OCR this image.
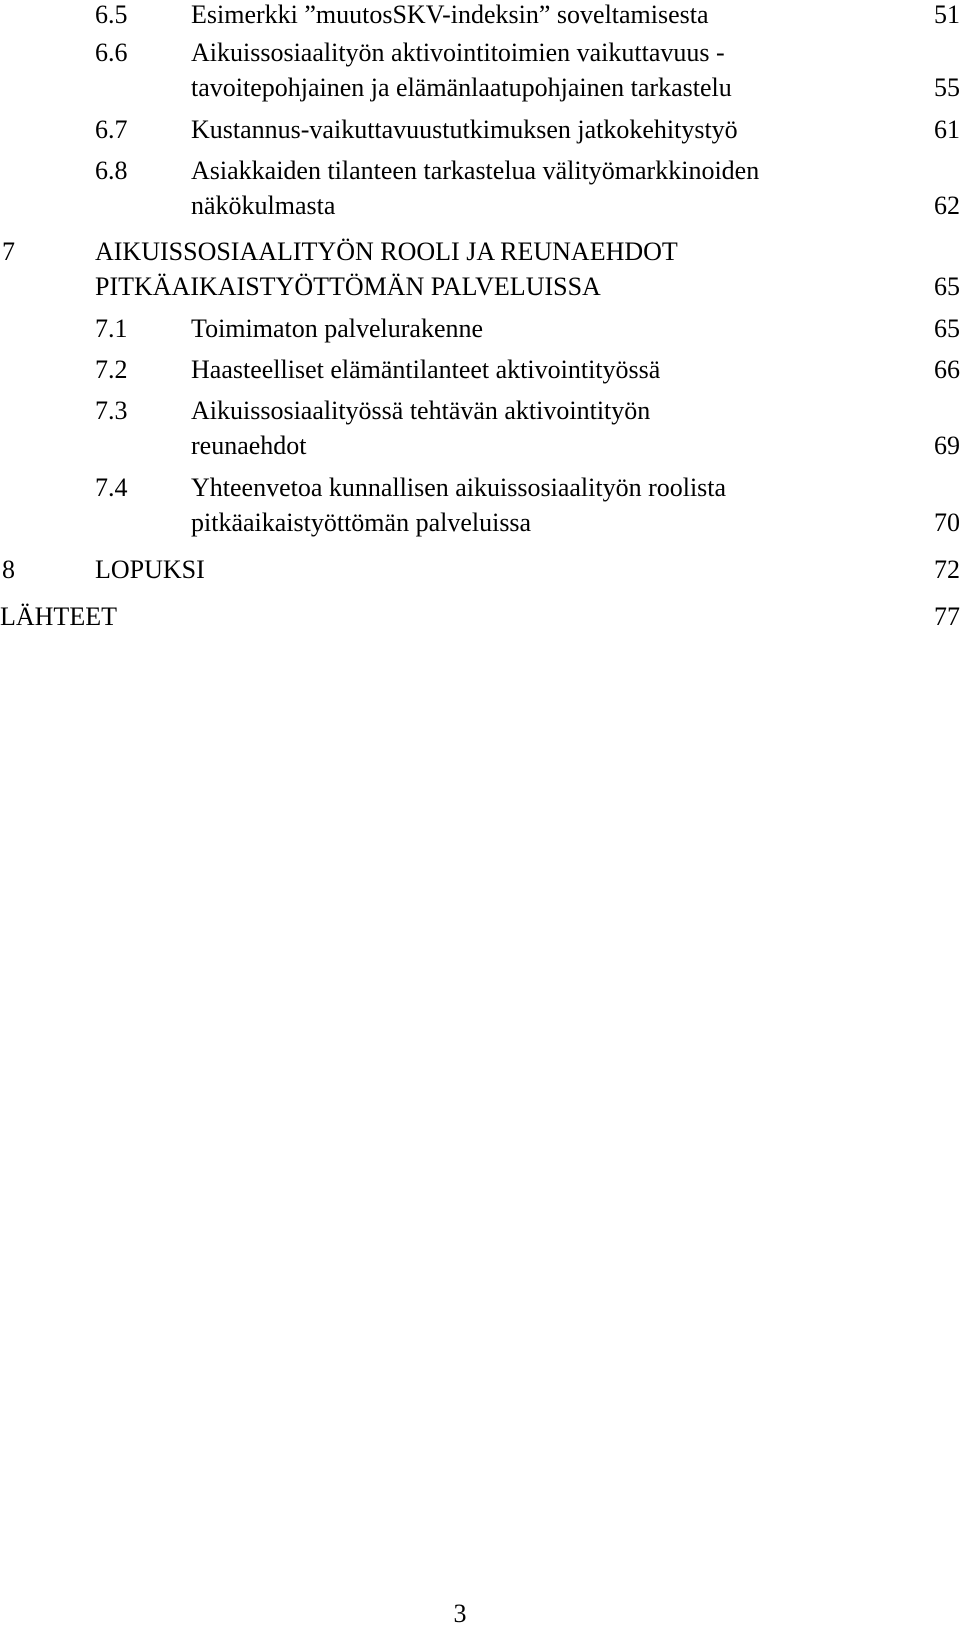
6.5 Esimerkki ”muutosSKV-indeksin” soveltamisesta	51
6.6 Aikuissosiaalityön aktivointitoimien vaikuttavuus -
tavoitepohjainen ja elämänlaatupohjainen tarkastelu	55
6.7 Kustannus-vaikuttavuustutkimuksen jatkokehitystyö	61
6.8 Asiakkaiden tilanteen tarkastelua välityömarkkinoiden
näkökulmasta	62
7	AIKUISSOSIAALITYÖN ROOLI JA REUNAEHDOT
PITKÄAIKAISTYÖTTÖMÄN PALVELUISSA	65
7.1 Toimimaton palvelurakenne	65
7.2 Haasteelliset elämäntilanteet aktivointityössä	66
7.3 Aikuissosiaalityössä tehtävän aktivointityön
reunaehdot	69
7.4 Yhteenvetoa kunnallisen aikuissosiaalityön roolista
pitkäaikaistyöttömän palveluissa	70
8	LOPUKSI	72
LÄHTEET	77
3
